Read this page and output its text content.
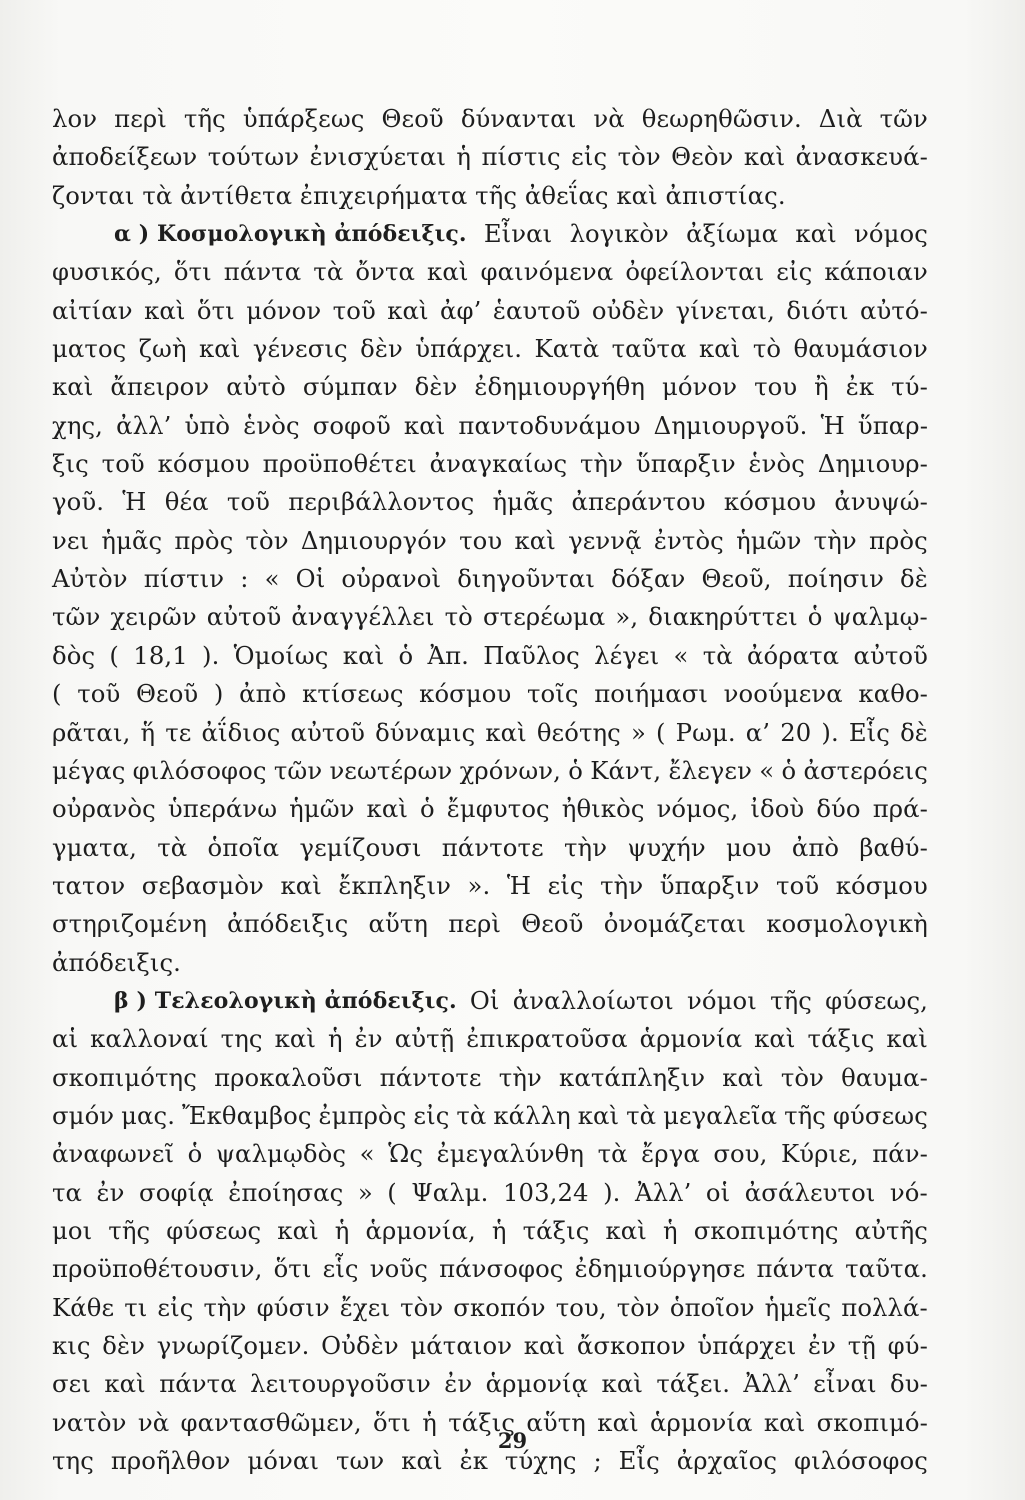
λον περὶ τῆς ὑπάρξεως Θεοῦ δύνανται νὰ θεωρηθῶσιν. Διὰ τῶν
ἀποδείξεων τούτων ἐνισχύεται ἡ πίστις εἰς τὸν Θεὸν καὶ ἀνασκευά-
ζονται τὰ ἀντίθετα ἐπιχειρήματα τῆς ἀθεΐας καὶ ἀπιστίας.
α ) Κοσμολογικὴ ἀπόδειξις. Εἶναι λογικὸν ἀξίωμα καὶ νόμος
φυσικός, ὅτι πάντα τὰ ὄντα καὶ φαινόμενα ὀφείλονται εἰς κάποιαν
αἰτίαν καὶ ὅτι μόνον τοῦ καὶ ἀφ’ ἑαυτοῦ οὐδὲν γίνεται, διότι αὐτό-
ματος ζωὴ καὶ γένεσις δὲν ὑπάρχει. Κατὰ ταῦτα καὶ τὸ θαυμάσιον
καὶ ἄπειρον αὐτὸ σύμπαν δὲν ἐδημιουργήθη μόνον του ἢ ἐκ τύ-
χης, ἀλλ’ ὑπὸ ἑνὸς σοφοῦ καὶ παντοδυνάμου Δημιουργοῦ. Ἡ ὕπαρ-
ξις τοῦ κόσμου προϋποθέτει ἀναγκαίως τὴν ὕπαρξιν ἑνὸς Δημιουρ-
γοῦ. Ἡ θέα τοῦ περιβάλλοντος ἡμᾶς ἀπεράντου κόσμου ἀνυψώ-
νει ἡμᾶς πρὸς τὸν Δημιουργόν του καὶ γεννᾷ ἐντὸς ἡμῶν τὴν πρὸς
Αὐτὸν πίστιν : « Οἱ οὐρανοὶ διηγοῦνται δόξαν Θεοῦ, ποίησιν δὲ
τῶν χειρῶν αὐτοῦ ἀναγγέλλει τὸ στερέωμα », διακηρύττει ὁ ψαλμῳ-
δὸς ( 18,1 ). Ὁμοίως καὶ ὁ Ἀπ. Παῦλος λέγει « τὰ ἀόρατα αὐτοῦ
( τοῦ Θεοῦ ) ἀπὸ κτίσεως κόσμου τοῖς ποιήμασι νοούμενα καθο-
ρᾶται, ἥ τε ἀΐδιος αὐτοῦ δύναμις καὶ θεότης » ( Ρωμ. α’ 20 ). Εἷς δὲ
μέγας φιλόσοφος τῶν νεωτέρων χρόνων, ὁ Κάντ, ἔλεγεν « ὁ ἀστερόεις
οὐρανὸς ὑπεράνω ἡμῶν καὶ ὁ ἔμφυτος ἠθικὸς νόμος, ἰδοὺ δύο πρά-
γματα, τὰ ὁποῖα γεμίζουσι πάντοτε τὴν ψυχήν μου ἀπὸ βαθύ-
τατον σεβασμὸν καὶ ἔκπληξιν ». Ἡ εἰς τὴν ὕπαρξιν τοῦ κόσμου
στηριζομένη ἀπόδειξις αὕτη περὶ Θεοῦ ὀνομάζεται κοσμολογικὴ
ἀπόδειξις.
β ) Τελεολογικὴ ἀπόδειξις. Οἱ ἀναλλοίωτοι νόμοι τῆς φύσεως,
αἱ καλλοναί της καὶ ἡ ἐν αὐτῇ ἐπικρατοῦσα ἁρμονία καὶ τάξις καὶ
σκοπιμότης προκαλοῦσι πάντοτε τὴν κατάπληξιν καὶ τὸν θαυμα-
σμόν μας. Ἔκθαμβος ἐμπρὸς εἰς τὰ κάλλη καὶ τὰ μεγαλεῖα τῆς φύσεως
ἀναφωνεῖ ὁ ψαλμῳδὸς « Ὡς ἐμεγαλύνθη τὰ ἔργα σου, Κύριε, πάν-
τα ἐν σοφίᾳ ἐποίησας » ( Ψαλμ. 103,24 ). Ἀλλ’ οἱ ἀσάλευτοι νό-
μοι τῆς φύσεως καὶ ἡ ἁρμονία, ἡ τάξις καὶ ἡ σκοπιμότης αὐτῆς
προϋποθέτουσιν, ὅτι εἷς νοῦς πάνσοφος ἐδημιούργησε πάντα ταῦτα.
Κάθε τι εἰς τὴν φύσιν ἔχει τὸν σκοπόν του, τὸν ὁποῖον ἡμεῖς πολλά-
κις δὲν γνωρίζομεν. Οὐδὲν μάταιον καὶ ἄσκοπον ὑπάρχει ἐν τῇ φύ-
σει καὶ πάντα λειτουργοῦσιν ἐν ἁρμονίᾳ καὶ τάξει. Ἀλλ’ εἶναι δυ-
νατὸν νὰ φαντασθῶμεν, ὅτι ἡ τάξις αὕτη καὶ ἁρμονία καὶ σκοπιμό-
της προῆλθον μόναι των καὶ ἐκ τύχης ; Εἷς ἀρχαῖος φιλόσοφος
29
